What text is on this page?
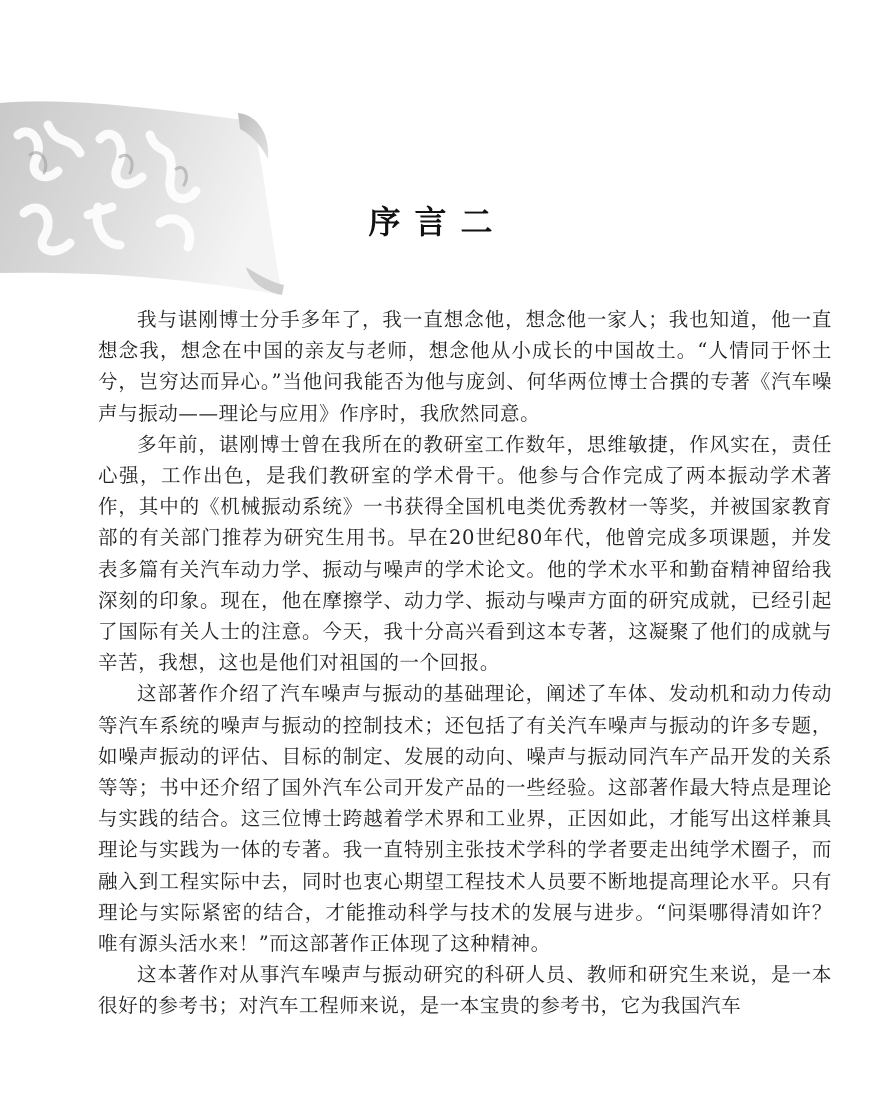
序言二

我与谌刚博士分手多年了，我一直想念他，想念他一家人；我也知道，他一直想念我，想念在中国的亲友与老师，想念他从小成长的中国故土。“人情同于怀土兮，岂穷达而异心。”当他问我能否为他与庞剑、何华两位博士合撰的专著《汽车噪声与振动——理论与应用》作序时，我欣然同意。

多年前，谌刚博士曾在我所在的教研室工作数年，思维敏捷，作风实在，责任心强，工作出色，是我们教研室的学术骨干。他参与合作完成了两本振动学术著作，其中的《机械振动系统》一书获得全国机电类优秀教材一等奖，并被国家教育部的有关部门推荐为研究生用书。早在20世纪80年代，他曾完成多项课题，并发表多篇有关汽车动力学、振动与噪声的学术论文。他的学术水平和勤奋精神留给我深刻的印象。现在，他在摩擦学、动力学、振动与噪声方面的研究成就，已经引起了国际有关人士的注意。今天，我十分高兴看到这本专著，这凝聚了他们的成就与辛苦，我想，这也是他们对祖国的一个回报。

这部著作介绍了汽车噪声与振动的基础理论，阐述了车体、发动机和动力传动等汽车系统的噪声与振动的控制技术；还包括了有关汽车噪声与振动的许多专题，如噪声振动的评估、目标的制定、发展的动向、噪声与振动同汽车产品开发的关系等等；书中还介绍了国外汽车公司开发产品的一些经验。这部著作最大特点是理论与实践的结合。这三位博士跨越着学术界和工业界，正因如此，才能写出这样兼具理论与实践为一体的专著。我一直特别主张技术学科的学者要走出纯学术圈子，而融入到工程实际中去，同时也衷心期望工程技术人员要不断地提高理论水平。只有理论与实际紧密的结合，才能推动科学与技术的发展与进步。“问渠哪得清如许？唯有源头活水来！”而这部著作正体现了这种精神。

这本著作对从事汽车噪声与振动研究的科研人员、教师和研究生来说，是一本很好的参考书；对汽车工程师来说，是一本宝贵的参考书，它为我国汽车
